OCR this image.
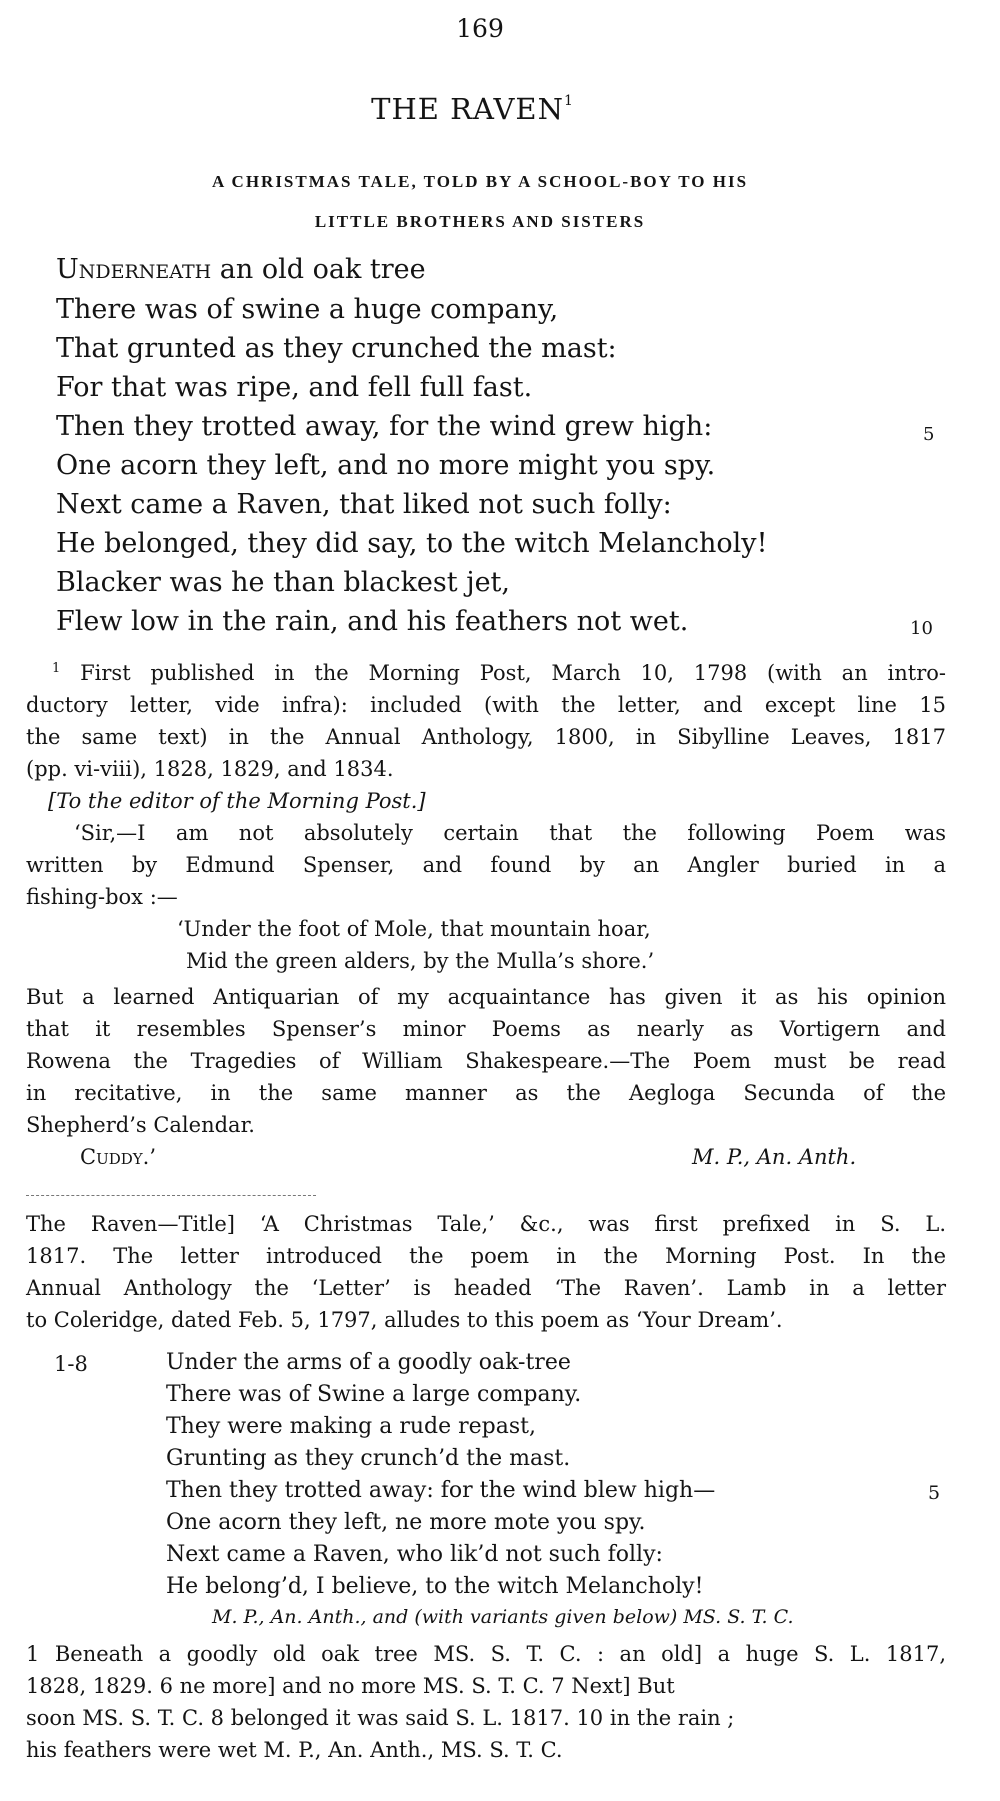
169
THE RAVEN$^1$
A CHRISTMAS TALE, TOLD BY A SCHOOL-BOY TO HIS
LITTLE BROTHERS AND SISTERS
Underneath an old oak tree
There was of swine a huge company,
That grunted as they crunched the mast:
For that was ripe, and fell full fast.
Then they trotted away, for the wind grew high:	5
One acorn they left, and no more might you spy.
Next came a Raven, that liked not such folly:
He belonged, they did say, to the witch Melancholy!
Blacker was he than blackest jet,
Flew low in the rain, and his feathers not wet.	10
$^1$ First published in the Morning Post, March 10, 1798 (with an intro-
ductory letter, vide infra): included (with the letter, and except line 15
the same text) in the Annual Anthology, 1800, in Sibylline Leaves, 1817
(pp. vi-viii), 1828, 1829, and 1834.
[To the editor of the Morning Post.]
‘Sir,—I am not absolutely certain that the following Poem was
written by Edmund Spenser, and found by an Angler buried in a
fishing-box :—
‘Under the foot of Mole, that mountain hoar,
Mid the green alders, by the Mulla’s shore.’
But a learned Antiquarian of my acquaintance has given it as his opinion
that it resembles Spenser’s minor Poems as nearly as Vortigern and
Rowena the Tragedies of William Shakespeare.—The Poem must be read
in recitative, in the same manner as the Aegloga Secunda of the
Shepherd’s Calendar.
Cuddy.’	M. P., An. Anth.
The Raven—Title] ‘A Christmas Tale,’ &c., was first prefixed in S. L.
1817. The letter introduced the poem in the Morning Post. In the
Annual Anthology the ‘Letter’ is headed ‘The Raven’. Lamb in a letter
to Coleridge, dated Feb. 5, 1797, alludes to this poem as ‘Your Dream’.
1-8	Under the arms of a goodly oak-tree
There was of Swine a large company.
They were making a rude repast,
Grunting as they crunch’d the mast.
Then they trotted away: for the wind blew high—	5
One acorn they left, ne more mote you spy.
Next came a Raven, who lik’d not such folly:
He belong’d, I believe, to the witch Melancholy!
M. P., An. Anth., and (with variants given below) MS. S. T. C.
1 Beneath a goodly old oak tree MS. S. T. C. : an old] a huge S. L. 1817,
1828, 1829. 6 ne more] and no more MS. S. T. C. 7 Next] But
soon MS. S. T. C. 8 belonged it was said S. L. 1817. 10 in the rain ;
his feathers were wet M. P., An. Anth., MS. S. T. C.
